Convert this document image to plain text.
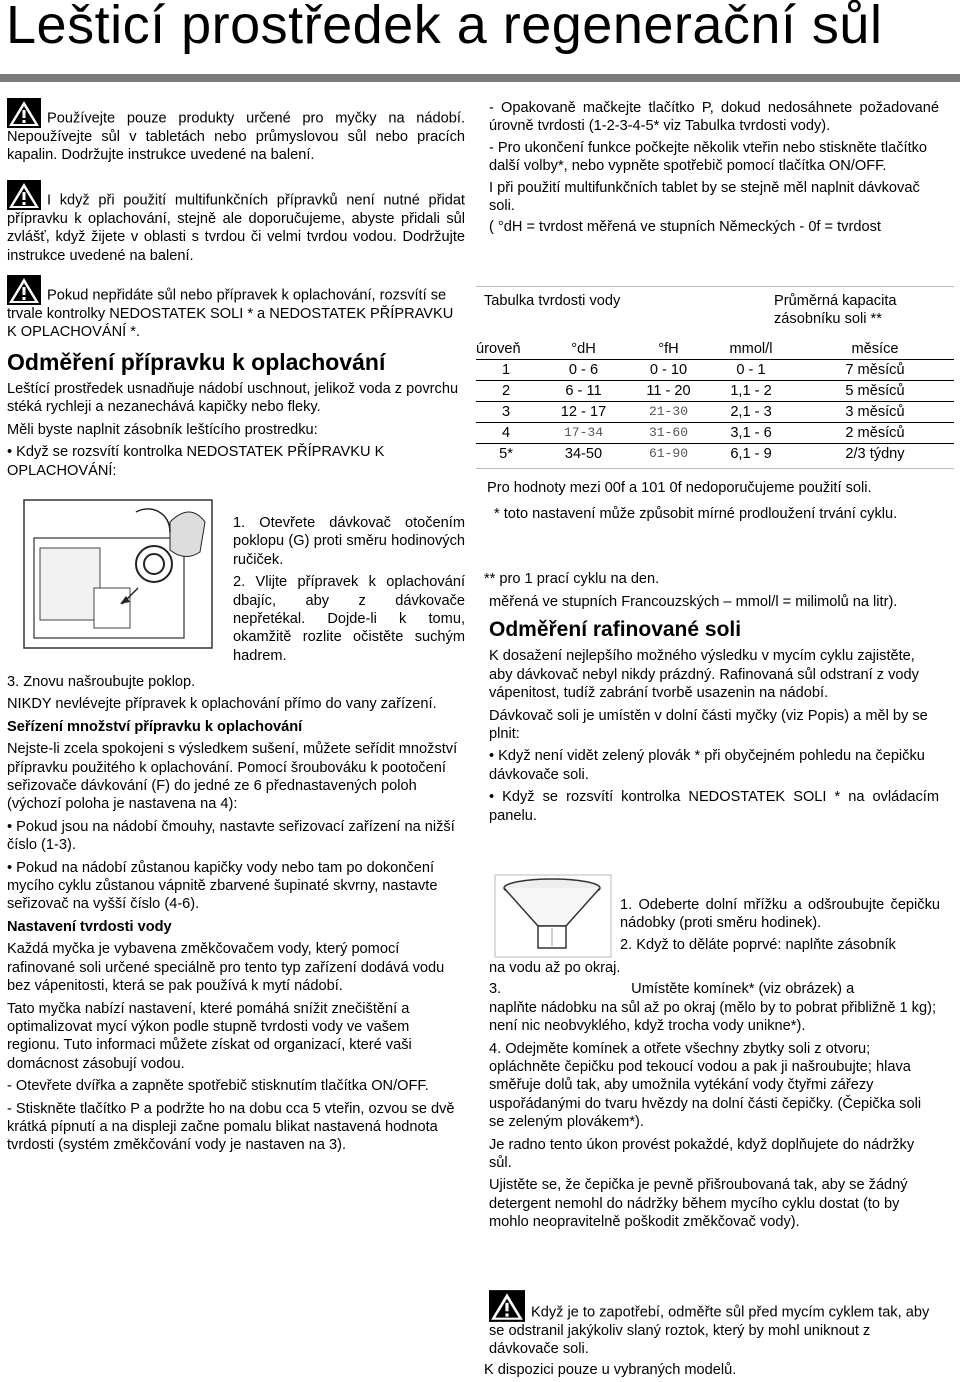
Lešticí prostředek a regenerační sůl

Používejte pouze produkty určené pro myčky na nádobí. Nepoužívejte sůl v tabletách nebo průmyslovou sůl nebo pracích kapalin. Dodržujte instrukce uvedené na balení.

I když při použití multifunkčních přípravků není nutné přidat přípravku k oplachování, stejně ale doporučujeme, abyste přidali sůl zvlášť, když žijete v oblasti s tvrdou či velmi tvrdou vodou. Dodržujte instrukce uvedené na balení.

Pokud nepřidáte sůl nebo přípravek k oplachování, rozsvítí se trvale kontrolky NEDOSTATEK SOLI * a NEDOSTATEK PŘÍPRAVKU K OPLACHOVÁNÍ *.

Odměření přípravku k oplachování

Leštící prostředek usnadňuje nádobí uschnout, jelikož voda z povrchu stéká rychleji a nezanechává kapičky nebo fleky.

Měli byste naplnit zásobník leštícího prostredku:

• Když se rozsvítí kontrolka NEDOSTATEK PŘÍPRAVKU K OPLACHOVÁNÍ:

1. Otevřete dávkovač otočením poklopu (G) proti směru hodinových ručiček.

2. Vlijte přípravek k oplachování dbajíc, aby z dávkovače nepřetékal. Dojde-li k tomu, okamžitě rozlite očistěte suchým hadrem.

3. Znovu našroubujte poklop.

NIKDY nevlévejte přípravek k oplachování přímo do vany zařízení.

Seřízení množství přípravku k oplachování

Nejste-li zcela spokojeni s výsledkem sušení, můžete seřídit množství přípravku použitého k oplachování. Pomocí šroubováku k pootočení seřizovače dávkování (F) do jedné ze 6 přednastavených poloh (výchozí poloha je nastavena na 4):

• Pokud jsou na nádobí čmouhy, nastavte seřizovací zařízení na nižší číslo (1-3).

• Pokud na nádobí zůstanou kapičky vody nebo tam po dokončení mycího cyklu zůstanou vápnitě zbarvené šupinaté skvrny, nastavte seřizovač na vyšší číslo (4-6).

Nastavení tvrdosti vody

Každá myčka je vybavena změkčovačem vody, který pomocí rafinované soli určené speciálně pro tento typ zařízení dodává vodu bez vápenitosti, která se pak používá k mytí nádobí.

Tato myčka nabízí nastavení, které pomáhá snížit znečištění a optimalizovat mycí výkon podle stupně tvrdosti vody ve vašem regionu. Tuto informaci můžete získat od organizací, které vaši domácnost zásobují vodou.

- Otevřete dvířka a zapněte spotřebič stisknutím tlačítka ON/OFF.

- Stiskněte tlačítko P a podržte ho na dobu cca 5 vteřin, ozvou se dvě krátká pípnutí a na displeji začne pomalu blikat nastavená hodnota tvrdosti (systém změkčování vody je nastaven na 3).

- Opakovaně mačkejte tlačítko P, dokud nedosáhnete požadované úrovně tvrdosti (1-2-3-4-5* viz Tabulka tvrdosti vody).

- Pro ukončení funkce počkejte několik vteřin nebo stiskněte tlačítko další volby*, nebo vypněte spotřebič pomocí tlačítka ON/OFF.

I při použití multifunkčních tablet by se stejně měl naplnit dávkovač soli.

( °dH = tvrdost měřená ve stupních Německých - 0f = tvrdost

Tabulka tvrdosti vody	Průměrná kapacita zásobníku soli **
úroveň	°dH	°fH	mmol/l	měsíce
1	0 - 6	0 - 10	0 - 1	7 měsíců
2	6 - 11	11 - 20	1,1 - 2	5 měsíců
3	12 - 17	21-30	2,1 - 3	3 měsíců
4	17-34	31-60	3,1 - 6	2 měsíců
5*	34-50	61-90	6,1 - 9	2/3 týdny
Pro hodnoty mezi 00f a 101 0f nedoporučujeme použití soli.
* toto nastavení může způsobit mírné prodloužení trvání cyklu.

** pro 1 prací cyklu na den.

měřená ve stupních Francouzských – mmol/l = milimolů na litr).

Odměření rafinované soli

K dosažení nejlepšího možného výsledku v mycím cyklu zajistěte, aby dávkovač nebyl nikdy prázdný. Rafinovaná sůl odstraní z vody vápenitost, tudíž zabrání tvorbě usazenin na nádobí.

Dávkovač soli je umístěn v dolní části myčky (viz Popis) a měl by se plnit:

• Když není vidět zelený plovák * při obyčejném pohledu na čepičku dávkovače soli.

• Když se rozsvítí kontrolka NEDOSTATEK SOLI * na ovládacím panelu.

1. Odeberte dolní mřížku a odšroubujte čepičku nádobky (proti směru hodinek).

2. Když to děláte poprvé: naplňte zásobník

na vodu až po okraj.

3.	Umístěte komínek* (viz obrázek) a

naplňte nádobku na sůl až po okraj (mělo by to pobrat přibližně 1 kg); není nic neobvyklého, když trocha vody unikne*).

4. Odejměte komínek a otřete všechny zbytky soli z otvoru; opláchněte čepičku pod tekoucí vodou a pak ji našroubujte; hlava směřuje dolů tak, aby umožnila vytékání vody čtyřmi zářezy uspořádanými do tvaru hvězdy na dolní části čepičky. (Čepička soli se zeleným plovákem*).

Je radno tento úkon provést pokaždé, když doplňujete do nádržky sůl.

Ujistěte se, že čepička je pevně přišroubovaná tak, aby se žádný detergent nemohl do nádržky během mycího cyklu dostat (to by mohlo neopravitelně poškodit změkčovač vody).

Když je to zapotřebí, odměřte sůl před mycím cyklem tak, aby se odstranil jakýkoliv slaný roztok, který by mohl uniknout z dávkovače soli.

K dispozici pouze u vybraných modelů.
